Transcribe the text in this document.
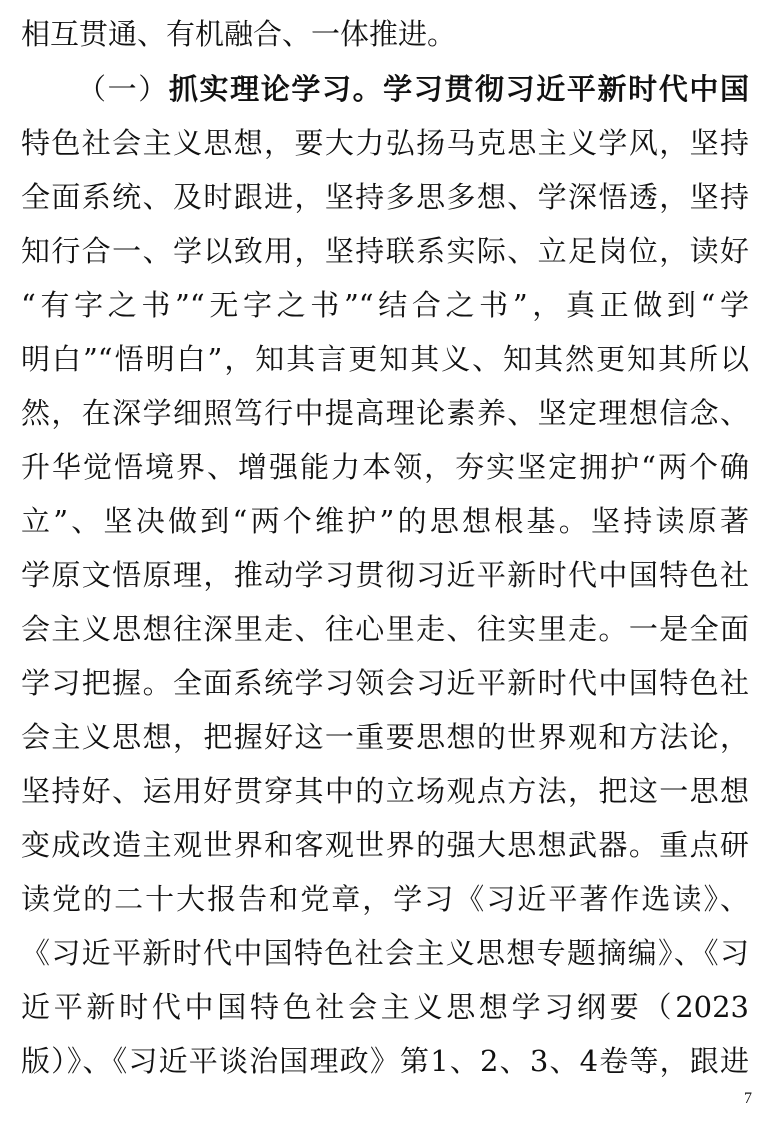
相互贯通、有机融合、一体推进。
（一）抓实理论学习。学习贯彻习近平新时代中国
特色社会主义思想，要大力弘扬马克思主义学风，坚持
全面系统、及时跟进，坚持多思多想、学深悟透，坚持
知行合一、学以致用，坚持联系实际、立足岗位，读好
“有字之书”“无字之书”“结合之书”，真正做到“学
明白”“悟明白”，知其言更知其义、知其然更知其所以
然，在深学细照笃行中提高理论素养、坚定理想信念、
升华觉悟境界、增强能力本领，夯实坚定拥护“两个确
立”、坚决做到“两个维护”的思想根基。坚持读原著
学原文悟原理，推动学习贯彻习近平新时代中国特色社
会主义思想往深里走、往心里走、往实里走。一是全面
学习把握。全面系统学习领会习近平新时代中国特色社
会主义思想，把握好这一重要思想的世界观和方法论，
坚持好、运用好贯穿其中的立场观点方法，把这一思想
变成改造主观世界和客观世界的强大思想武器。重点研
读党的二十大报告和党章，学习《习近平著作选读》、
《习近平新时代中国特色社会主义思想专题摘编》、《习
近平新时代中国特色社会主义思想学习纲要（2023
版）》、《习近平谈治国理政》第1、2、3、4卷等，跟进
7
